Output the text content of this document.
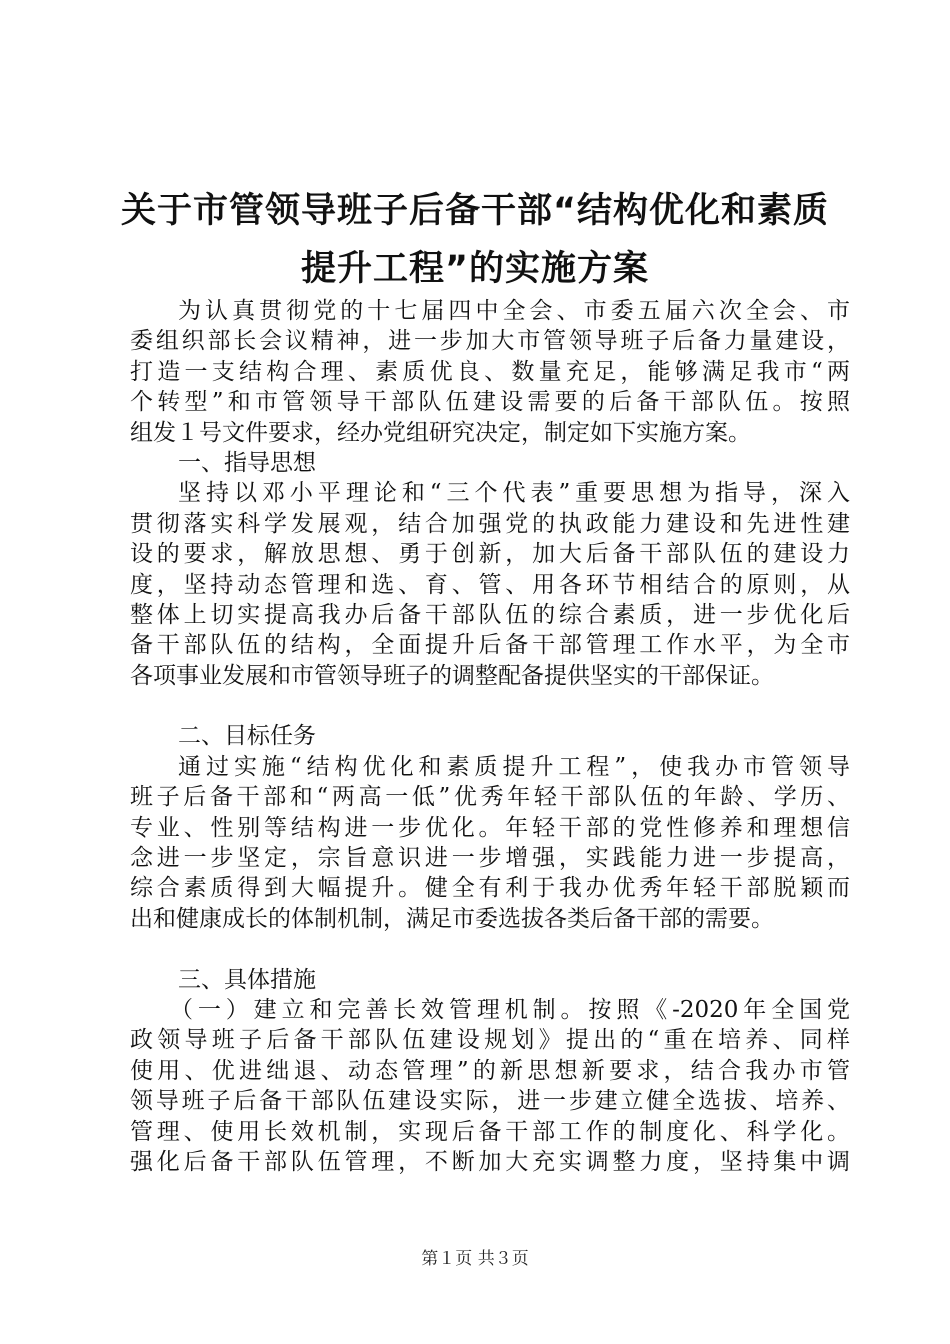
关于市管领导班子后备干部“结构优化和素质
提升工程”的实施方案
为认真贯彻党的十七届四中全会、市委五届六次全会、市
委组织部长会议精神，进一步加大市管领导班子后备力量建设，
打造一支结构合理、素质优良、数量充足，能够满足我市“两
个转型”和市管领导干部队伍建设需要的后备干部队伍。按照
组发１号文件要求，经办党组研究决定，制定如下实施方案。
一、指导思想
坚持以邓小平理论和“三个代表”重要思想为指导，深入
贯彻落实科学发展观，结合加强党的执政能力建设和先进性建
设的要求，解放思想、勇于创新，加大后备干部队伍的建设力
度，坚持动态管理和选、育、管、用各环节相结合的原则，从
整体上切实提高我办后备干部队伍的综合素质，进一步优化后
备干部队伍的结构，全面提升后备干部管理工作水平，为全市
各项事业发展和市管领导班子的调整配备提供坚实的干部保证。
二、目标任务
通过实施“结构优化和素质提升工程”，使我办市管领导
班子后备干部和“两高一低”优秀年轻干部队伍的年龄、学历、
专业、性别等结构进一步优化。年轻干部的党性修养和理想信
念进一步坚定，宗旨意识进一步增强，实践能力进一步提高，
综合素质得到大幅提升。健全有利于我办优秀年轻干部脱颖而
出和健康成长的体制机制，满足市委选拔各类后备干部的需要。
三、具体措施
（一）建立和完善长效管理机制。按照《-2020年全国党
政领导班子后备干部队伍建设规划》提出的“重在培养、同样
使用、优进绌退、动态管理”的新思想新要求，结合我办市管
领导班子后备干部队伍建设实际，进一步建立健全选拔、培养、
管理、使用长效机制，实现后备干部工作的制度化、科学化。
强化后备干部队伍管理，不断加大充实调整力度，坚持集中调
第１页 共３页
